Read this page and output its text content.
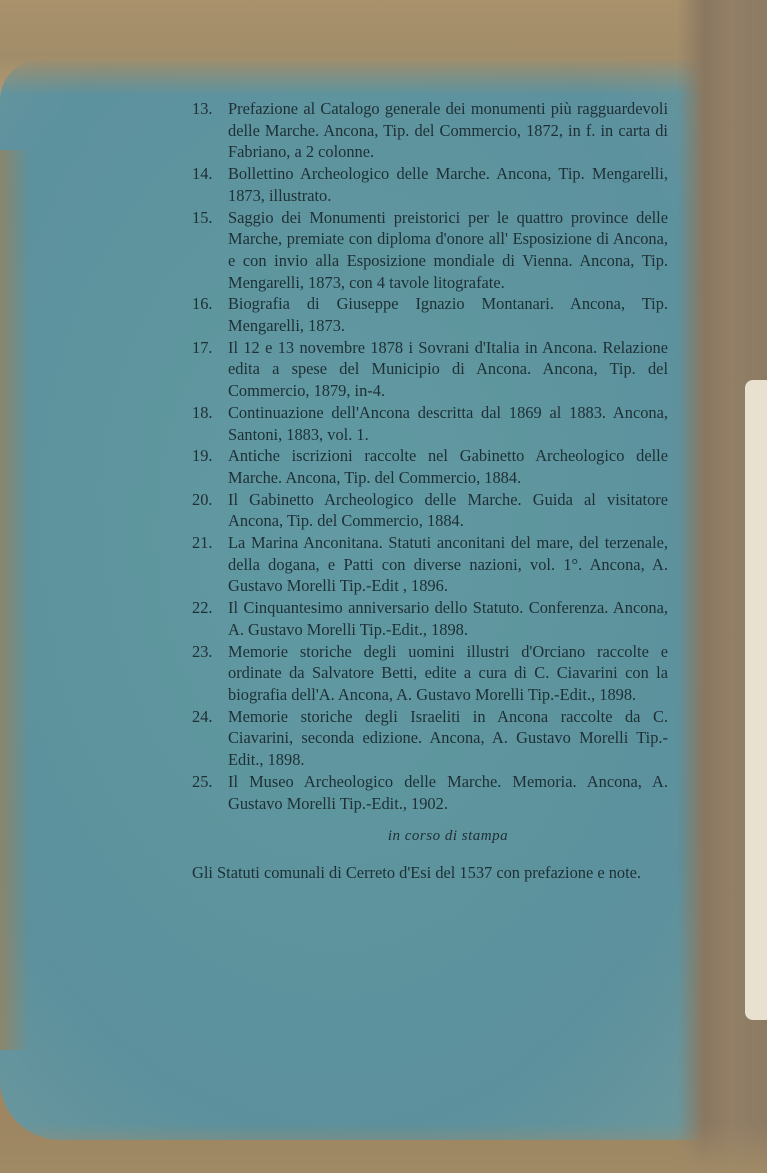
13. Prefazione al Catalogo generale dei monumenti più ragguardevoli delle Marche. Ancona, Tip. del Commercio, 1872, in f. in carta di Fabriano, a 2 colonne.
14. Bollettino Archeologico delle Marche. Ancona, Tip. Mengarelli, 1873, illustrato.
15. Saggio dei Monumenti preistorici per le quattro province delle Marche, premiate con diploma d'onore all' Esposizione di Ancona, e con invio alla Esposizione mondiale di Vienna. Ancona, Tip. Mengarelli, 1873, con 4 tavole litografate.
16. Biografia di Giuseppe Ignazio Montanari. Ancona, Tip. Mengarelli, 1873.
17. Il 12 e 13 novembre 1878 i Sovrani d'Italia in Ancona. Relazione edita a spese del Municipio di Ancona. Ancona, Tip. del Commercio, 1879, in-4.
18. Continuazione dell'Ancona descritta dal 1869 al 1883. Ancona, Santoni, 1883, vol. 1.
19. Antiche iscrizioni raccolte nel Gabinetto Archeologico delle Marche. Ancona, Tip. del Commercio, 1884.
20. Il Gabinetto Archeologico delle Marche. Guida al visitatore Ancona, Tip. del Commercio, 1884.
21. La Marina Anconitana. Statuti anconitani del mare, del terzenale, della dogana, e Patti con diverse nazioni, vol. 1°. Ancona, A. Gustavo Morelli Tip.-Edit , 1896.
22. Il Cinquantesimo anniversario dello Statuto. Conferenza. Ancona, A. Gustavo Morelli Tip.-Edit., 1898.
23. Memorie storiche degli uomini illustri d'Orciano raccolte e ordinate da Salvatore Betti, edite a cura di C. Ciavarini con la biografia dell'A. Ancona, A. Gustavo Morelli Tip.-Edit., 1898.
24. Memorie storiche degli Israeliti in Ancona raccolte da C. Ciavarini, seconda edizione. Ancona, A. Gustavo Morelli Tip.-Edit., 1898.
25. Il Museo Archeologico delle Marche. Memoria. Ancona, A. Gustavo Morelli Tip.-Edit., 1902.
in corso di stampa
Gli Statuti comunali di Cerreto d'Esi del 1537 con prefazione e note.
